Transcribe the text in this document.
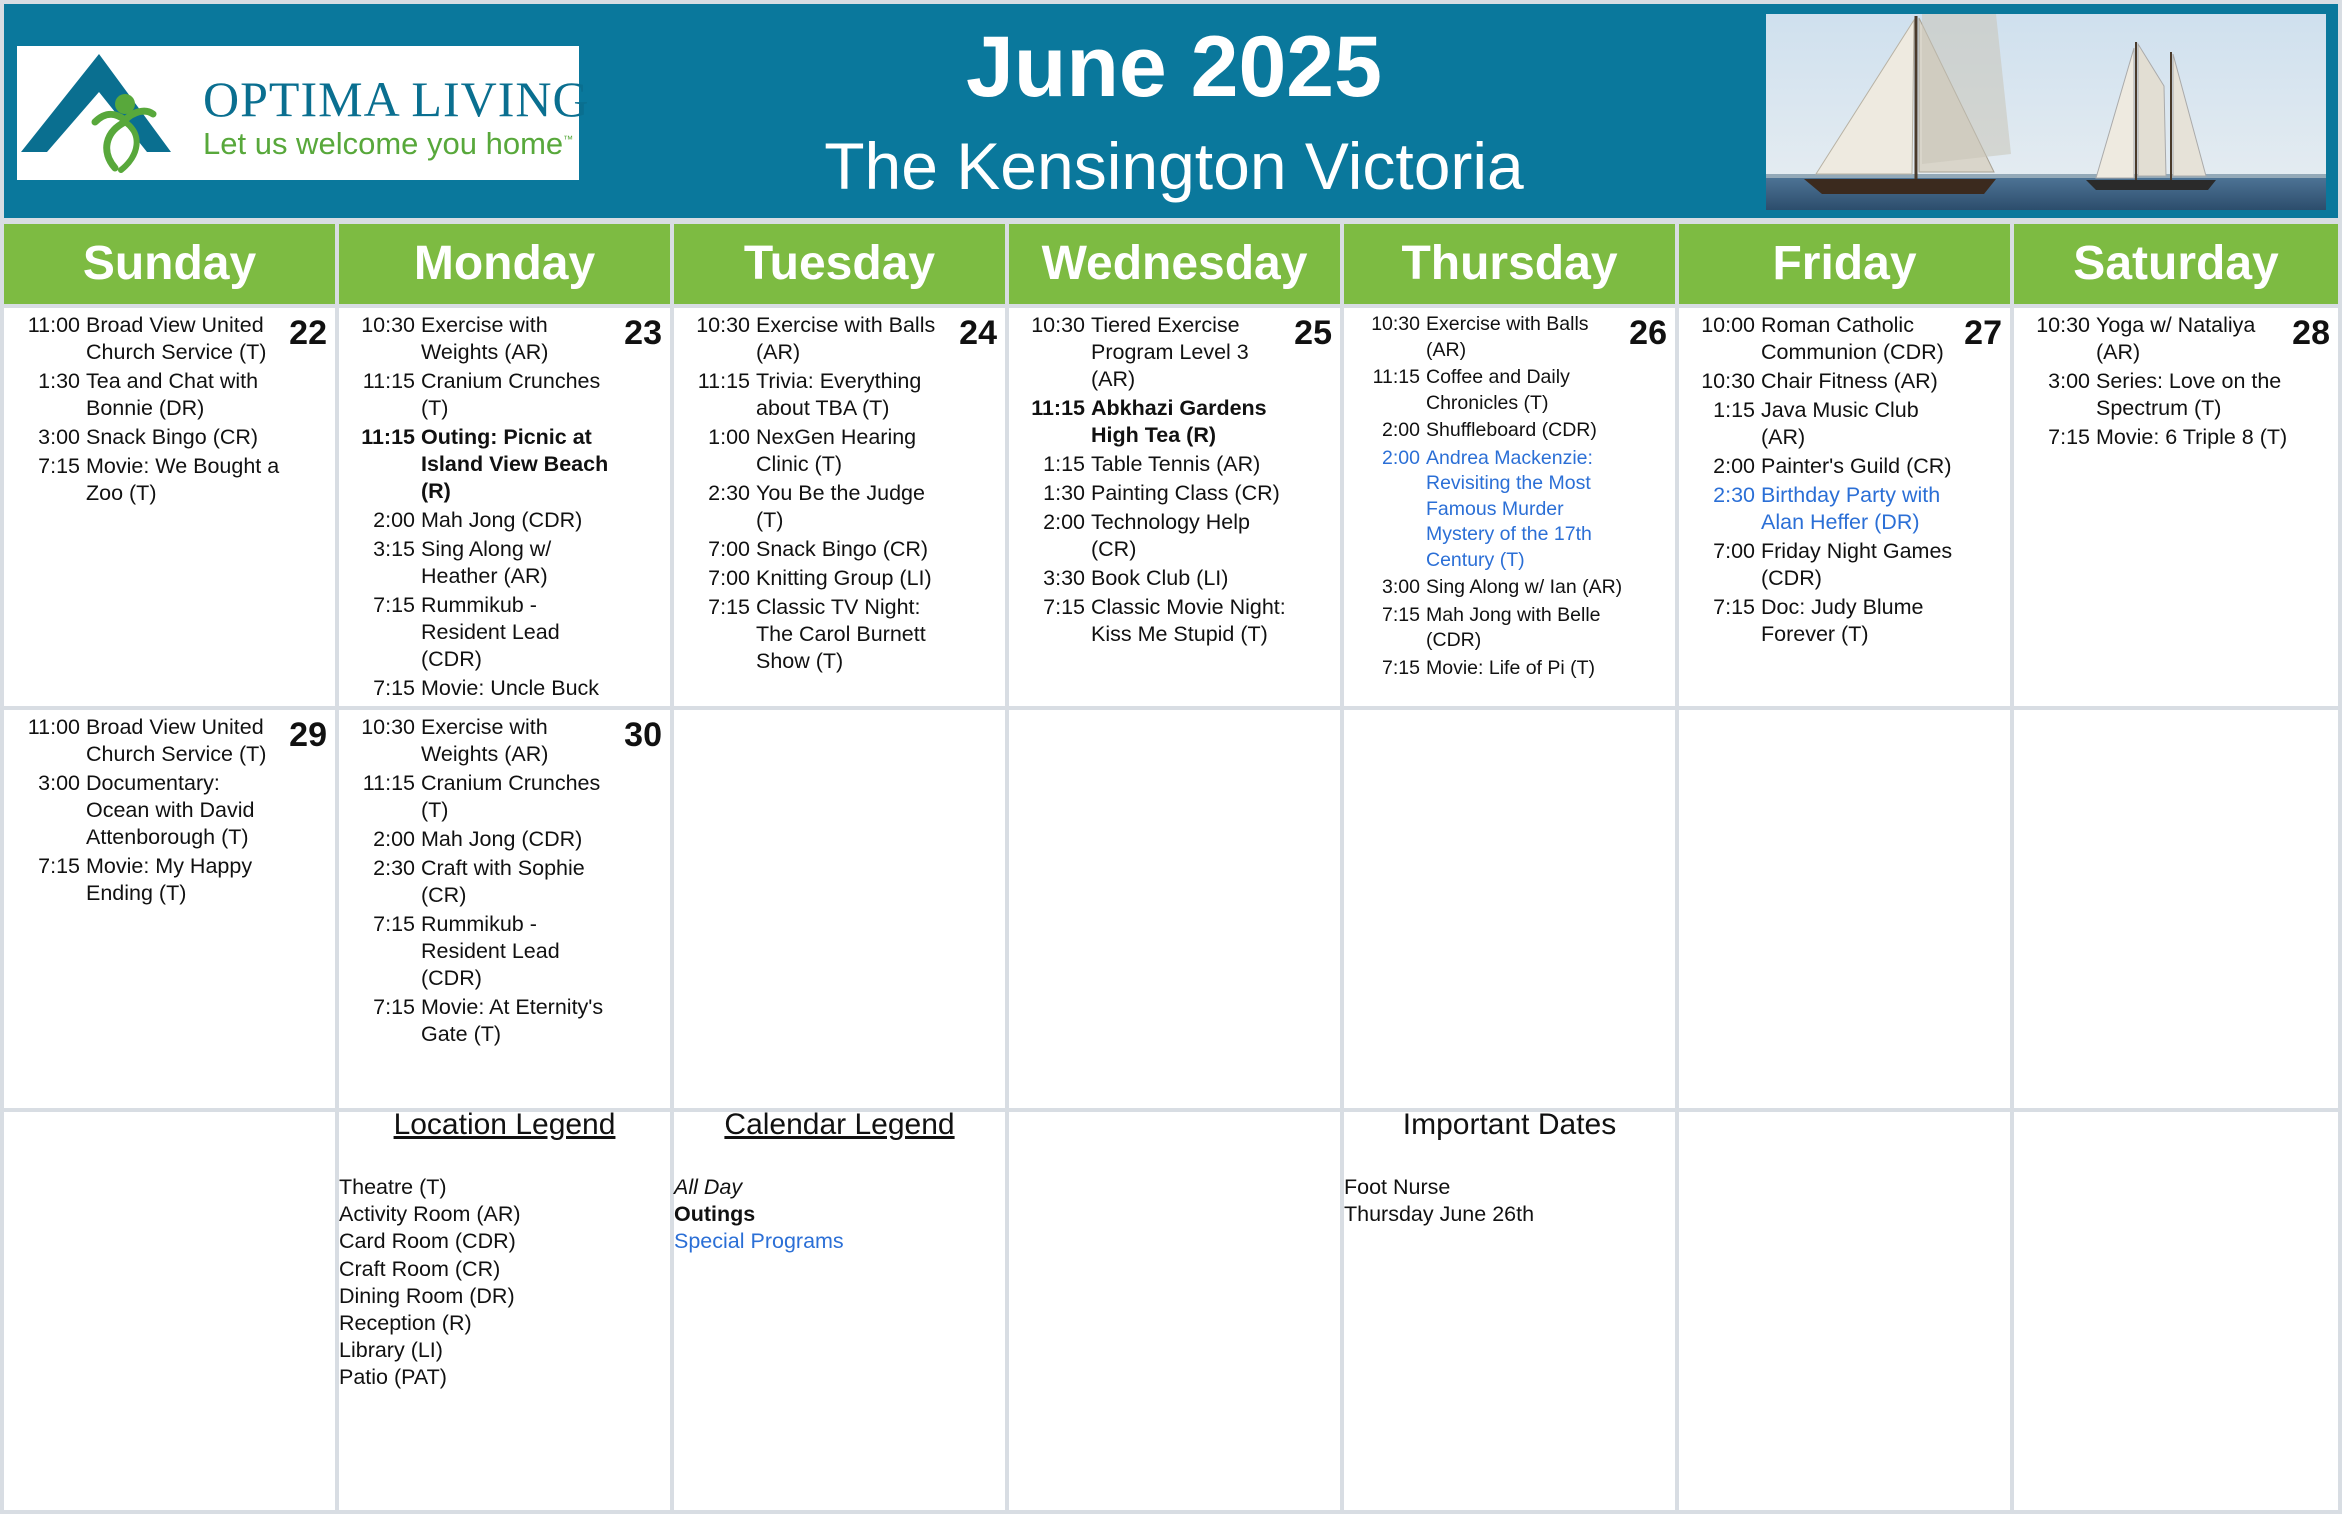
OPTIMA LIVING
Let us welcome you home™
June 2025
The Kensington Victoria
Sunday	Monday	Tuesday	Wednesday	Thursday	Friday	Saturday
22
11:00 Broad View United Church Service (T)
1:30 Tea and Chat with Bonnie (DR)
3:00 Snack Bingo (CR)
7:15 Movie: We Bought a Zoo (T)
23
10:30 Exercise with Weights (AR)
11:15 Cranium Crunches (T)
11:15 Outing: Picnic at Island View Beach (R)
2:00 Mah Jong (CDR)
3:15 Sing Along w/ Heather (AR)
7:15 Rummikub - Resident Lead (CDR)
7:15 Movie: Uncle Buck
24
10:30 Exercise with Balls (AR)
11:15 Trivia: Everything about TBA (T)
1:00 NexGen Hearing Clinic (T)
2:30 You Be the Judge (T)
7:00 Snack Bingo (CR)
7:00 Knitting Group (LI)
7:15 Classic TV Night: The Carol Burnett Show (T)
25
10:30 Tiered Exercise Program Level 3 (AR)
11:15 Abkhazi Gardens High Tea (R)
1:15 Table Tennis (AR)
1:30 Painting Class (CR)
2:00 Technology Help (CR)
3:30 Book Club (LI)
7:15 Classic Movie Night: Kiss Me Stupid (T)
26
10:30 Exercise with Balls (AR)
11:15 Coffee and Daily Chronicles (T)
2:00 Shuffleboard (CDR)
2:00 Andrea Mackenzie: Revisiting the Most Famous Murder Mystery of the 17th Century (T)
3:00 Sing Along w/ Ian (AR)
7:15 Mah Jong with Belle (CDR)
7:15 Movie: Life of Pi (T)
27
10:00 Roman Catholic Communion (CDR)
10:30 Chair Fitness (AR)
1:15 Java Music Club (AR)
2:00 Painter's Guild (CR)
2:30 Birthday Party with Alan Heffer (DR)
7:00 Friday Night Games (CDR)
7:15 Doc: Judy Blume Forever (T)
28
10:30 Yoga w/ Nataliya (AR)
3:00 Series: Love on the Spectrum (T)
7:15 Movie: 6 Triple 8 (T)
29
11:00 Broad View United Church Service (T)
3:00 Documentary: Ocean with David Attenborough (T)
7:15 Movie: My Happy Ending (T)
30
10:30 Exercise with Weights (AR)
11:15 Cranium Crunches (T)
2:00 Mah Jong (CDR)
2:30 Craft with Sophie (CR)
7:15 Rummikub - Resident Lead (CDR)
7:15 Movie: At Eternity's Gate (T)
Location Legend
Theatre (T)
Activity Room (AR)
Card Room (CDR)
Craft Room (CR)
Dining Room (DR)
Reception (R)
Library (LI)
Patio (PAT)
Calendar Legend
All Day
Outings
Special Programs
Important Dates
Foot Nurse
Thursday June 26th
